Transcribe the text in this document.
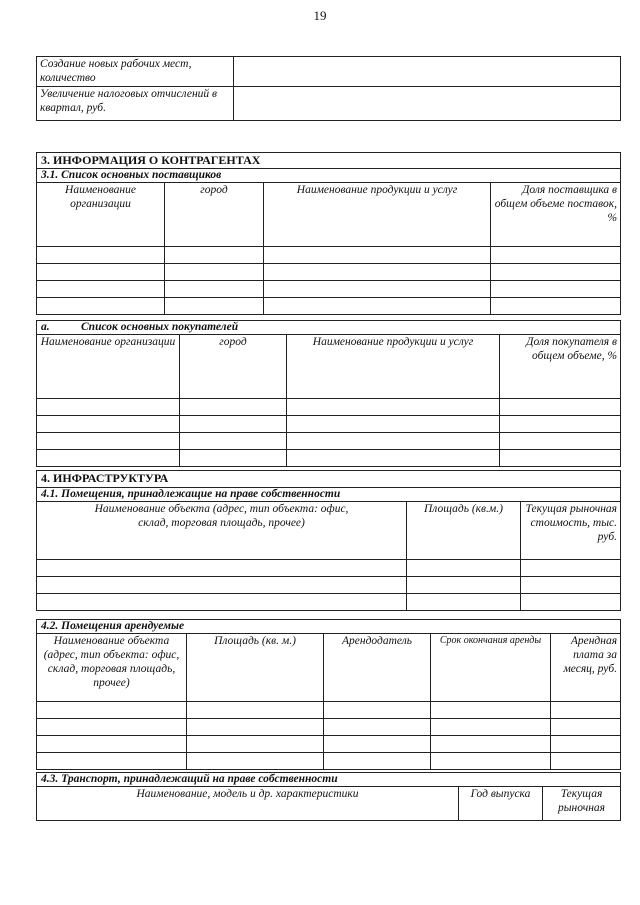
19
Создание новых рабочих мест, количество	
Увеличение налоговых отчислений в квартал, руб.	
3. ИНФОРМАЦИЯ О КОНТРАГЕНТАХ			
3.1. Список основных поставщиков			
Наименование организации	город	Наименование продукции и услуг	Доля поставщика в общем объеме поставок, %

а. Список основных покупателей			
Наименование организации	город	Наименование продукции и услуг	Доля покупателя в общем объеме, %

4. ИНФРАСТРУКТУРА		
4.1. Помещения, принадлежащие на праве собственности		
Наименование объекта (адрес, тип объекта: офис, склад, торговая площадь, прочее)	Площадь (кв.м.)	Текущая рыночная стоимость, тыс. руб.

4.2. Помещения арендуемые				
Наименование объекта (адрес, тип объекта: офис, склад, торговая площадь, прочее)	Площадь (кв. м.)	Арендодатель	Срок окончания аренды	Арендная плата за месяц, руб.

4.3. Транспорт, принадлежащий на праве собственности
Наименование, модель и др. характеристики	Год выпуска	Текущая рыночная
